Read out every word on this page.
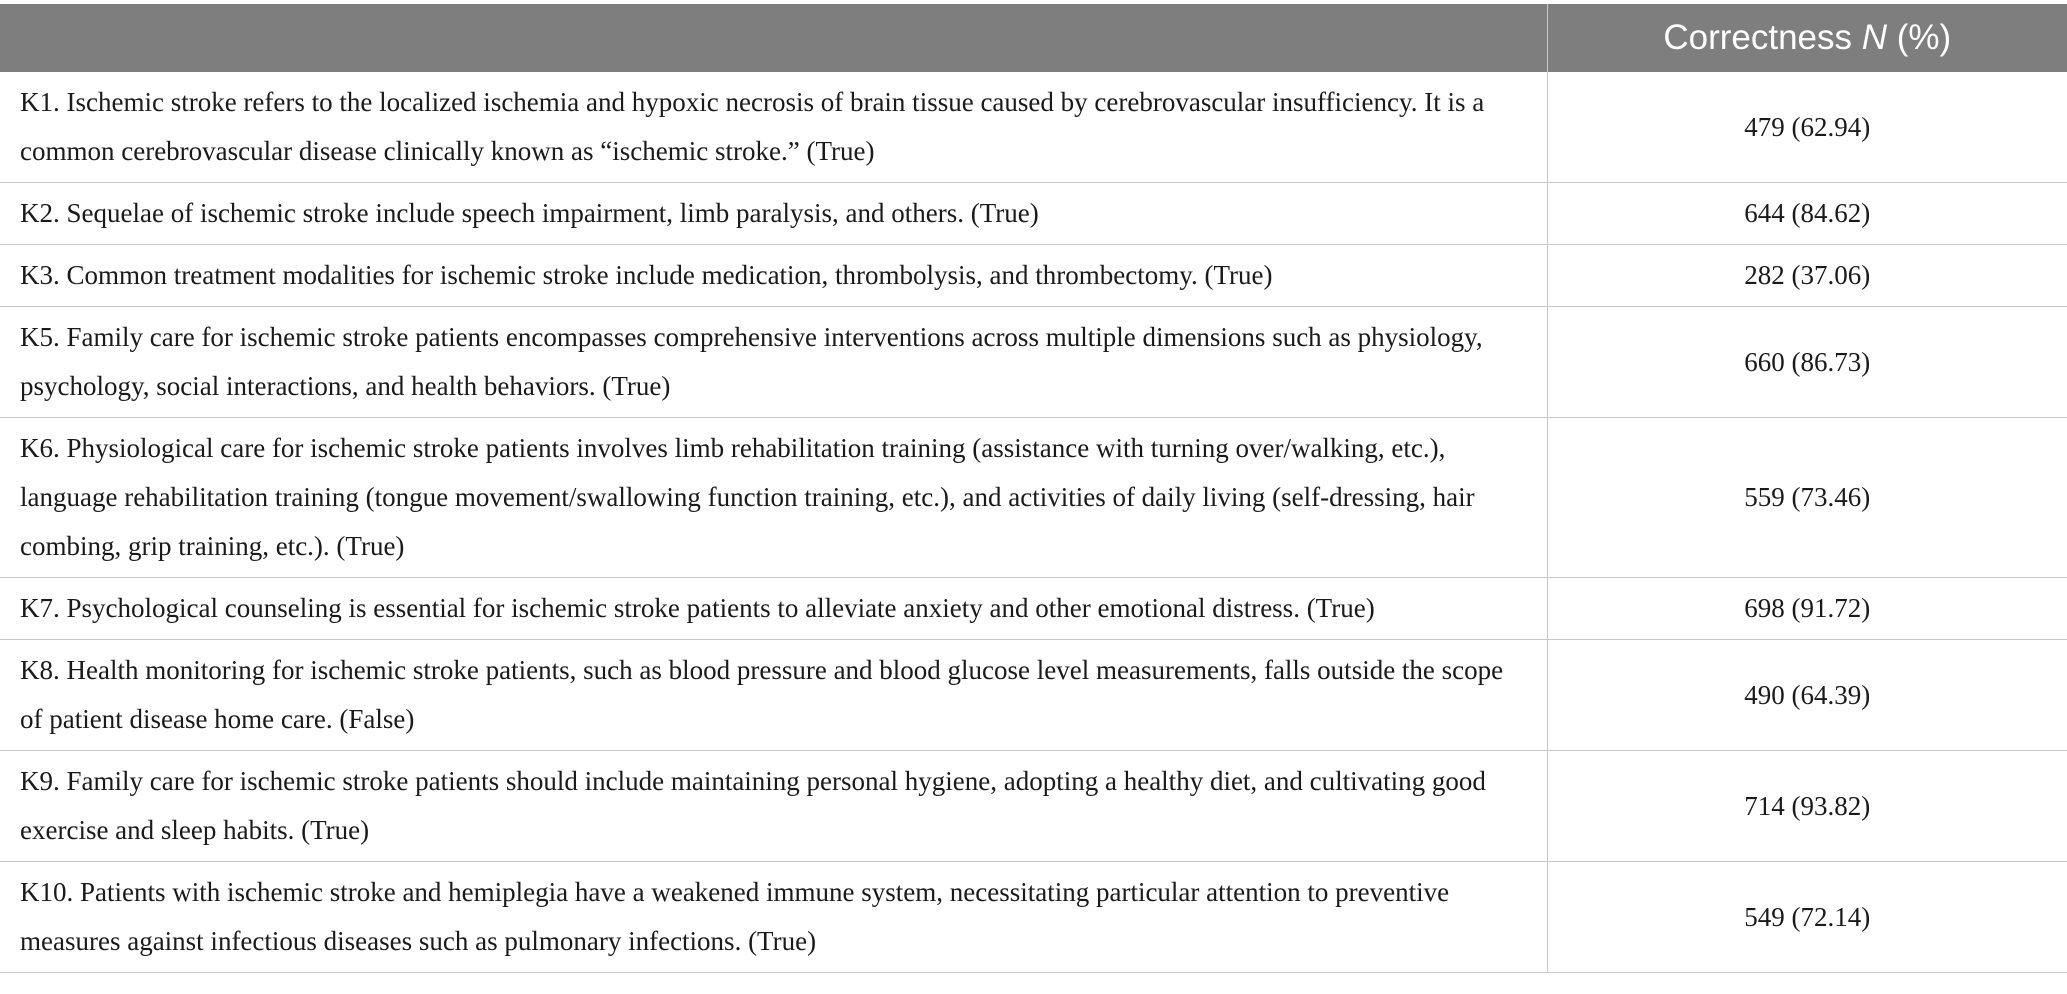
	Correctness N (%)
K1. Ischemic stroke refers to the localized ischemia and hypoxic necrosis of brain tissue caused by cerebrovascular insufficiency. It is a common cerebrovascular disease clinically known as “ischemic stroke.” (True)	479 (62.94)
K2. Sequelae of ischemic stroke include speech impairment, limb paralysis, and others. (True)	644 (84.62)
K3. Common treatment modalities for ischemic stroke include medication, thrombolysis, and thrombectomy. (True)	282 (37.06)
K5. Family care for ischemic stroke patients encompasses comprehensive interventions across multiple dimensions such as physiology, psychology, social interactions, and health behaviors. (True)	660 (86.73)
K6. Physiological care for ischemic stroke patients involves limb rehabilitation training (assistance with turning over/walking, etc.), language rehabilitation training (tongue movement/swallowing function training, etc.), and activities of daily living (self-dressing, hair combing, grip training, etc.). (True)	559 (73.46)
K7. Psychological counseling is essential for ischemic stroke patients to alleviate anxiety and other emotional distress. (True)	698 (91.72)
K8. Health monitoring for ischemic stroke patients, such as blood pressure and blood glucose level measurements, falls outside the scope of patient disease home care. (False)	490 (64.39)
K9. Family care for ischemic stroke patients should include maintaining personal hygiene, adopting a healthy diet, and cultivating good exercise and sleep habits. (True)	714 (93.82)
K10. Patients with ischemic stroke and hemiplegia have a weakened immune system, necessitating particular attention to preventive measures against infectious diseases such as pulmonary infections. (True)	549 (72.14)
